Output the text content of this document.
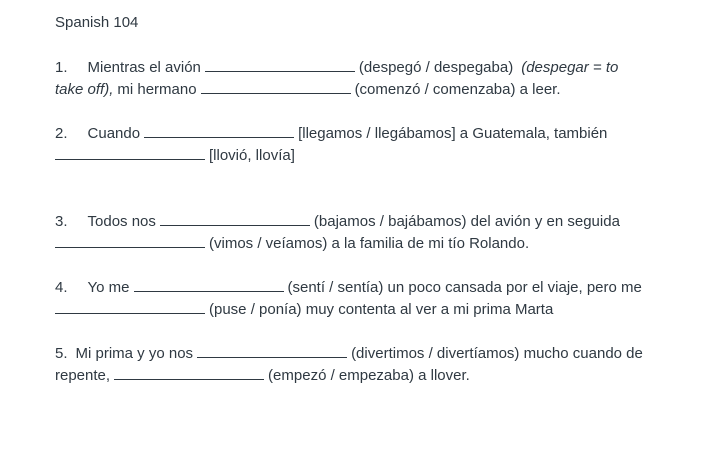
Spanish 104
1. Mientras el avión	(despegó / despegaba) (despegar = to
take off), mi hermano	(comenzó / comenzaba) a leer.
2. Cuando	[llegamos / llegábamos] a Guatemala, también
[llovió, llovía]
3. Todos nos	(bajamos / bajábamos) del avión y en seguida
(vimos / veíamos) a la familia de mi tío Rolando.
4. Yo me	(sentí / sentía) un poco cansada por el viaje, pero me
(puse / ponía) muy contenta al ver a mi prima Marta
5. Mi prima y yo nos	(divertimos / divertíamos) mucho cuando de
repente,	(empezó / empezaba) a llover.
